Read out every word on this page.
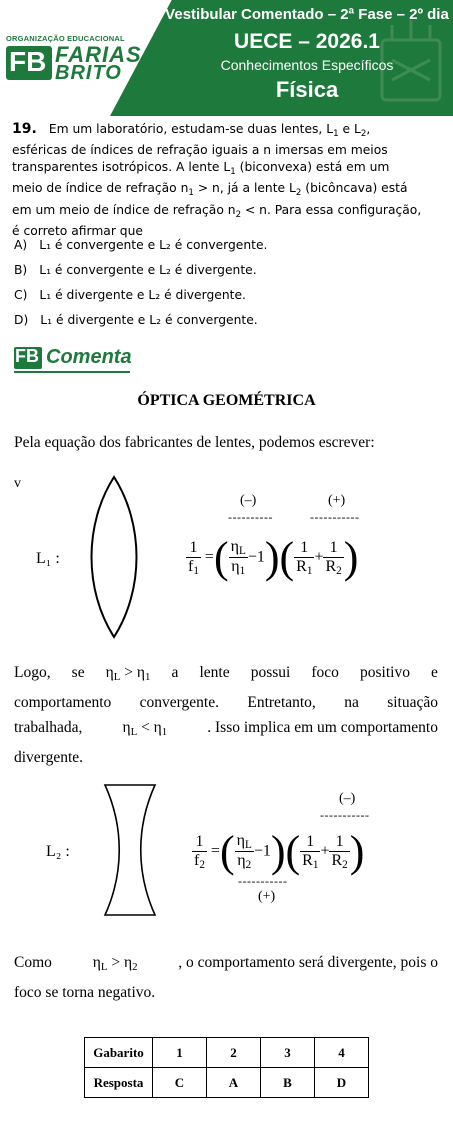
Vestibular Comentado – 2ª Fase – 2º dia
UECE – 2026.1
Conhecimentos Específicos
Física
ORGANIZAÇÃO EDUCACIONAL
FB FARIAS
BRITO
19. Em um laboratório, estudam-se duas lentes, $L_1$ e $L_2$,
esféricas de índices de refração iguais a n imersas em meios
transparentes isotrópicos. A lente $L_1$ (biconvexa) está em um
meio de índice de refração $n_1 > n$, já a lente $L_2$ (bicôncava) está
em um meio de índice de refração $n_2 < n$. Para essa configuração,
é correto afirmar que
A) L₁ é convergente e L₂ é convergente.
B) L₁ é convergente e L₂ é divergente.
C) L₁ é divergente e L₂ é divergente.
D) L₁ é divergente e L₂ é convergente.
FB Comenta
ÓPTICA GEOMÉTRICA
Pela equação dos fabricantes de lentes, podemos escrever:
v
L₁ :
(–)	(+)
----------	-----------
$\frac{1}{f_1}$ =( $\frac{\eta_L}{\eta_1} -1)( \frac{1}{R_1} + \frac{1}{R_2}$ )
Logo, se $\eta_L > \eta_1$ a lente possui foco positivo e
comportamento convergente. Entretanto, na situação
trabalhada,	$\eta_L < \eta_1$	. Isso implica em um comportamento
divergente.
L₂ :
(–)
-----------
$\frac{1}{f_2}$ =( $\frac{\eta_L}{\eta_2} -1)( \frac{1}{R_1} + \frac{1}{R_2}$ )
-----------
(+)
Como	$\eta_L > \eta_2$	, o comportamento será divergente, pois o
foco se torna negativo.
Gabarito	1	2	3	4
Resposta	C	A	B	D
